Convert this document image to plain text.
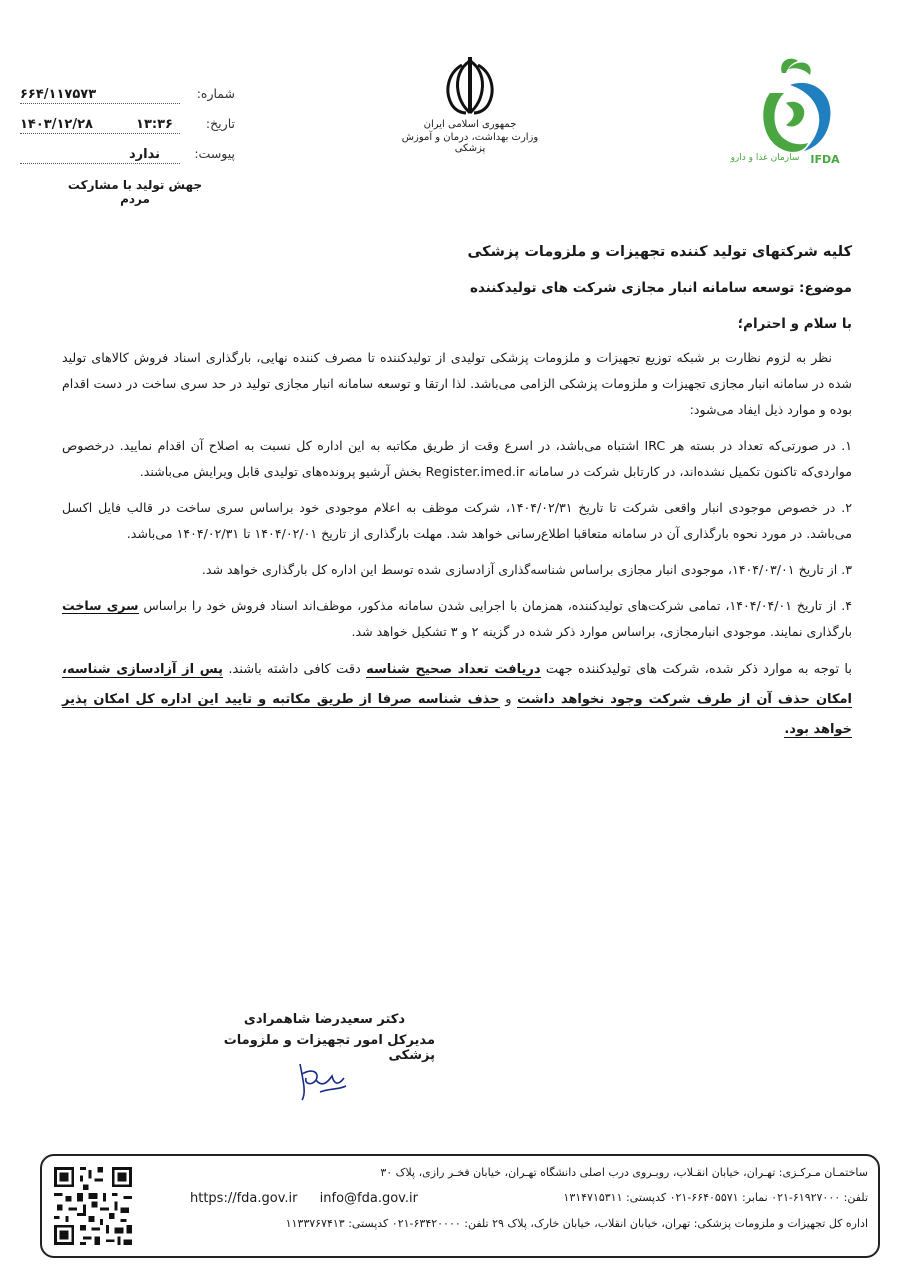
سازمان غذا و دارو IFDA
جمهوری اسلامی ایران
وزارت بهداشت، درمان و آموزش پزشکی
شماره:
۶۶۴/۱۱۷۵۷۳
تاریخ:
۱۴۰۳/۱۲/۲۸	۱۳:۳۶
پیوست:
ندارد
جهش تولید با مشارکت مردم

کلیه شرکتهای تولید کننده تجهیزات و ملزومات پزشکی

موضوع: توسعه سامانه انبار مجازی شرکت های تولیدکننده

با سلام و احترام؛

نظر به لزوم نظارت بر شبکه توزیع تجهیزات و ملزومات پزشکی تولیدی از تولیدکننده تا مصرف کننده نهایی، بارگذاری اسناد فروش کالاهای تولید شده در سامانه انبار مجازی تجهیزات و ملزومات پزشکی الزامی می‌باشد. لذا ارتقا و توسعه سامانه انبار مجازی تولید در حد سری ساخت در دست اقدام بوده و موارد ذیل ایفاد می‌شود:

۱. در صورتی‌که تعداد در بسته هر IRC اشتباه می‌باشد، در اسرع وقت از طریق مکاتبه به این اداره کل نسبت به اصلاح آن اقدام نمایید. درخصوص مواردی‌که تاکنون تکمیل نشده‌اند، در کارتابل شرکت در سامانه Register.imed.ir بخش آرشیو پرونده‌های تولیدی قابل ویرایش می‌باشند.

۲. در خصوص موجودی انبار واقعی شرکت تا تاریخ ۱۴۰۴/۰۲/۳۱، شرکت موظف به اعلام موجودی خود براساس سری ساخت در قالب فایل اکسل می‌باشد. در مورد نحوه بارگذاری آن در سامانه متعاقبا اطلاع‌رسانی خواهد شد. مهلت بارگذاری از تاریخ ۱۴۰۴/۰۲/۰۱ تا ۱۴۰۴/۰۲/۳۱ می‌باشد.

۳. از تاریخ ۱۴۰۴/۰۳/۰۱، موجودی انبار مجازی براساس شناسه‌گذاری آزادسازی شده توسط این اداره کل بارگذاری خواهد شد.

۴. از تاریخ ۱۴۰۴/۰۴/۰۱، تمامی شرکت‌های تولیدکننده، همزمان با اجرایی شدن سامانه مذکور، موظف‌اند اسناد فروش خود را براساس سری ساخت بارگذاری نمایند. موجودی انبارمجازی، براساس موارد ذکر شده در گزینه ۲ و ۳ تشکیل خواهد شد.

با توجه به موارد ذکر شده، شرکت های تولیدکننده جهت دریافت تعداد صحیح شناسه دقت کافی داشته باشند. پس از آزادسازی شناسه، امکان حذف آن از طرف شرکت وجود نخواهد داشت و حذف شناسه صرفا از طریق مکاتبه و تایید این اداره کل امکان پذیر خواهد بود.

دکتر سعیدرضا شاهمرادی
مدیرکل امور تجهیزات و ملزومات پزشکی
ساختمـان مـرکـزی: تهـران، خیابان انقـلاب، روبـروی درب اصلی دانشگاه تهـران، خیابان فخـر رازی، پلاک ۳۰
تلفن: ۶۱۹۲۷۰۰۰-۰۲۱ نمابر: ۶۶۴۰۵۵۷۱-۰۲۱ کدپستی: ۱۳۱۴۷۱۵۳۱۱
https://fda.gov.ir info@fda.gov.ir
اداره کل تجهیزات و ملزومات پزشکی: تهران، خیابان انقلاب، خیابان خارک، پلاک ۲۹ تلفن: ۶۳۴۲۰۰۰۰-۰۲۱ کدپستی: ۱۱۳۳۷۶۷۴۱۳
